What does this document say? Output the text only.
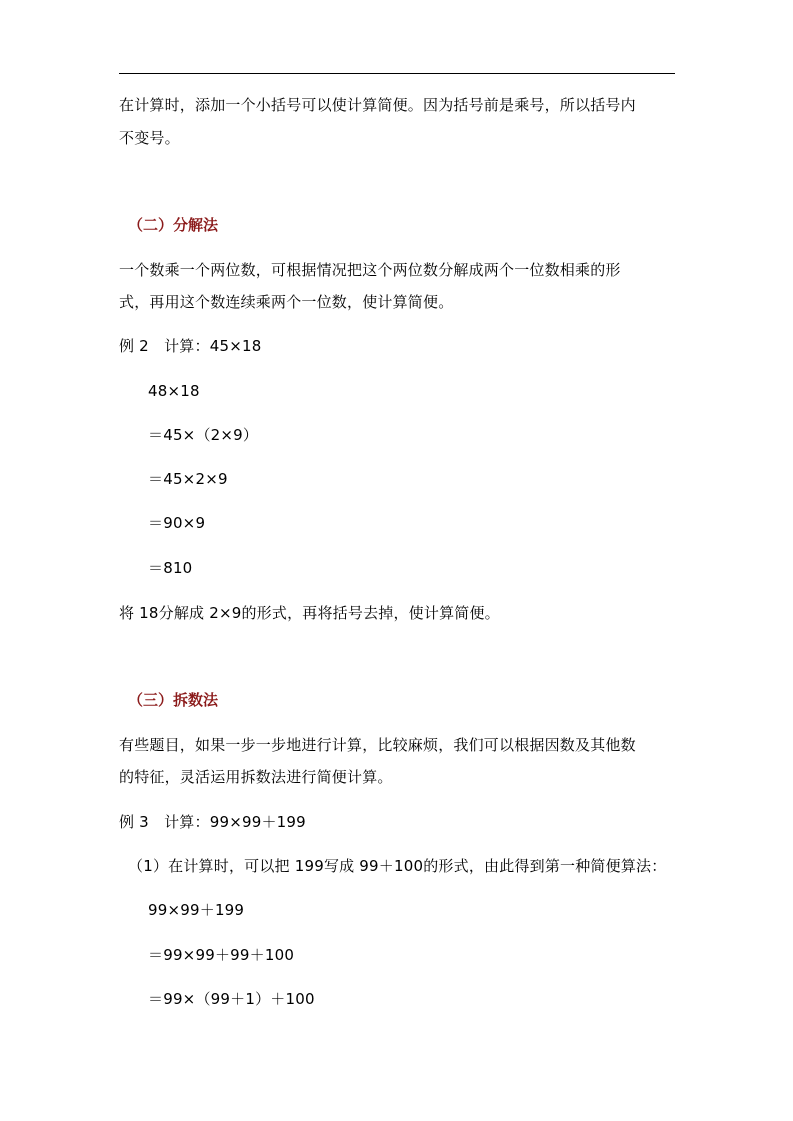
在计算时，添加一个小括号可以使计算简便。因为括号前是乘号，所以括号内
不变号。
（二）分解法
一个数乘一个两位数，可根据情况把这个两位数分解成两个一位数相乘的形
式，再用这个数连续乘两个一位数，使计算简便。
例 2　计算：45×18
48×18
＝45×（2×9）
＝45×2×9
＝90×9
＝810
将 18分解成 2×9的形式，再将括号去掉，使计算简便。
（三）拆数法
有些题目，如果一步一步地进行计算，比较麻烦，我们可以根据因数及其他数
的特征，灵活运用拆数法进行简便计算。
例 3　计算：99×99＋199
（1）在计算时，可以把 199写成 99＋100的形式，由此得到第一种简便算法：
99×99＋199
＝99×99＋99＋100
＝99×（99＋1）＋100
